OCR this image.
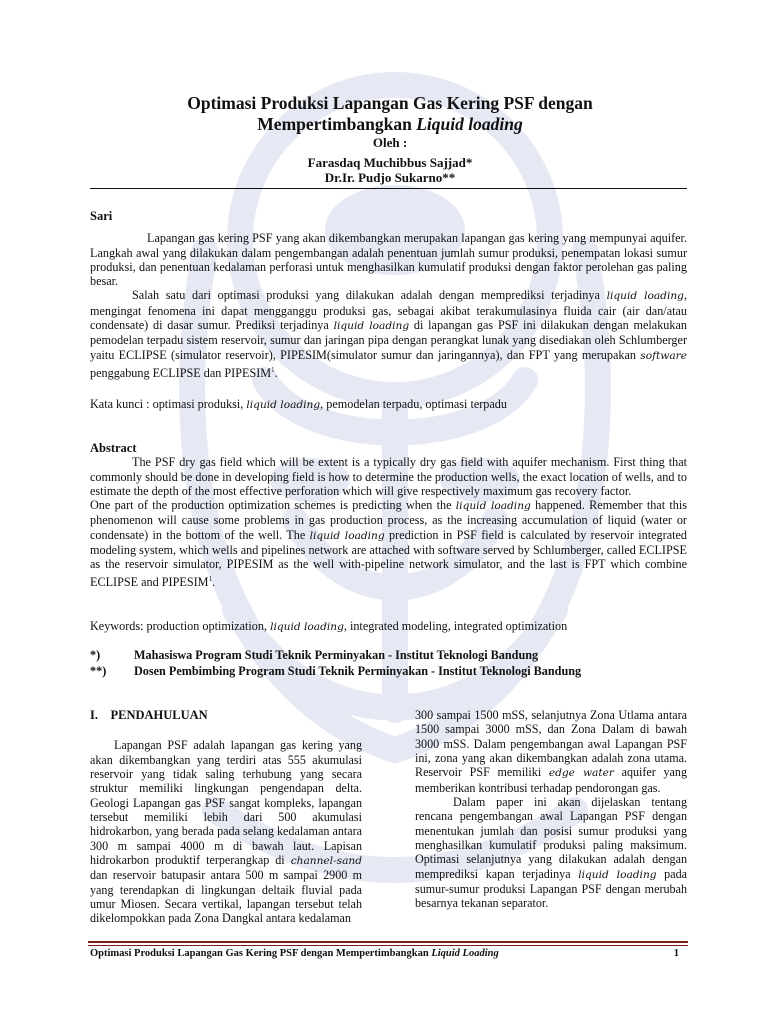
Optimasi Produksi Lapangan Gas Kering PSF dengan
Mempertimbangkan Liquid loading
Oleh :
Farasdaq Muchibbus Sajjad*
Dr.Ir. Pudjo Sukarno**

Sari

Lapangan gas kering PSF yang akan dikembangkan merupakan lapangan gas kering yang mempunyai aquifer. Langkah awal yang dilakukan dalam pengembangan adalah penentuan jumlah sumur produksi, penempatan lokasi sumur produksi, dan penentuan kedalaman perforasi untuk menghasilkan kumulatif produksi dengan faktor perolehan gas paling besar.

Salah satu dari optimasi produksi yang dilakukan adalah dengan memprediksi terjadinya liquid loading, mengingat fenomena ini dapat mengganggu produksi gas, sebagai akibat terakumulasinya fluida cair (air dan/atau condensate) di dasar sumur. Prediksi terjadinya liquid loading di lapangan gas PSF ini dilakukan dengan melakukan pemodelan terpadu sistem reservoir, sumur dan jaringan pipa dengan perangkat lunak yang disediakan oleh Schlumberger yaitu ECLIPSE (simulator reservoir), PIPESIM(simulator sumur dan jaringannya), dan FPT yang merupakan software penggabung ECLIPSE dan PIPESIM$^1$.

Kata kunci : optimasi produksi, liquid loading, pemodelan terpadu, optimasi terpadu

Abstract

The PSF dry gas field which will be extent is a typically dry gas field with aquifer mechanism. First thing that commonly should be done in developing field is how to determine the production wells, the exact location of wells, and to estimate the depth of the most effective perforation which will give respectively maximum gas recovery factor.

One part of the production optimization schemes is predicting when the liquid loading happened. Remember that this phenomenon will cause some problems in gas production process, as the increasing accumulation of liquid (water or condensate) in the bottom of the well. The liquid loading prediction in PSF field is calculated by reservoir integrated modeling system, which wells and pipelines network are attached with software served by Schlumberger, called ECLIPSE as the reservoir simulator, PIPESIM as the well with-pipeline network simulator, and the last is FPT which combine ECLIPSE and PIPESIM$^1$.

Keywords: production optimization, liquid loading, integrated modeling, integrated optimization

*)	Mahasiswa Program Studi Teknik Perminyakan - Institut Teknologi Bandung
**) Dosen Pembimbing Program Studi Teknik Perminyakan - Institut Teknologi Bandung

I.    PENDAHULUAN

Lapangan PSF adalah lapangan gas kering yang akan dikembangkan yang terdiri atas 555 akumulasi reservoir yang tidak saling terhubung yang secara struktur memiliki lingkungan pengendapan delta. Geologi Lapangan gas PSF sangat kompleks, lapangan tersebut memiliki lebih dari 500 akumulasi hidrokarbon, yang berada pada selang kedalaman antara 300 m sampai 4000 m di bawah laut. Lapisan hidrokarbon produktif terperangkap di channel-sand dan reservoir batupasir antara 500 m sampai 2900 m yang terendapkan di lingkungan deltaik fluvial pada umur Miosen. Secara vertikal, lapangan tersebut telah dikelompokkan pada Zona Dangkal antara kedalaman

300 sampai 1500 mSS, selanjutnya Zona Utlama antara 1500 sampai 3000 mSS, dan Zona Dalam di bawah 3000 mSS. Dalam pengembangan awal Lapangan PSF ini, zona yang akan dikembangkan adalah zona utama. Reservoir PSF memiliki edge water aquifer yang memberikan kontribusi terhadap pendorongan gas.

Dalam paper ini akan dijelaskan tentang rencana pengembangan awal Lapangan PSF dengan menentukan jumlah dan posisi sumur produksi yang menghasilkan kumulatif produksi paling maksimum. Optimasi selanjutnya yang dilakukan adalah dengan memprediksi kapan terjadinya liquid loading pada sumur-sumur produksi Lapangan PSF dengan merubah besarnya tekanan separator.

Optimasi Produksi Lapangan Gas Kering PSF dengan Mempertimbangkan Liquid Loading	1
